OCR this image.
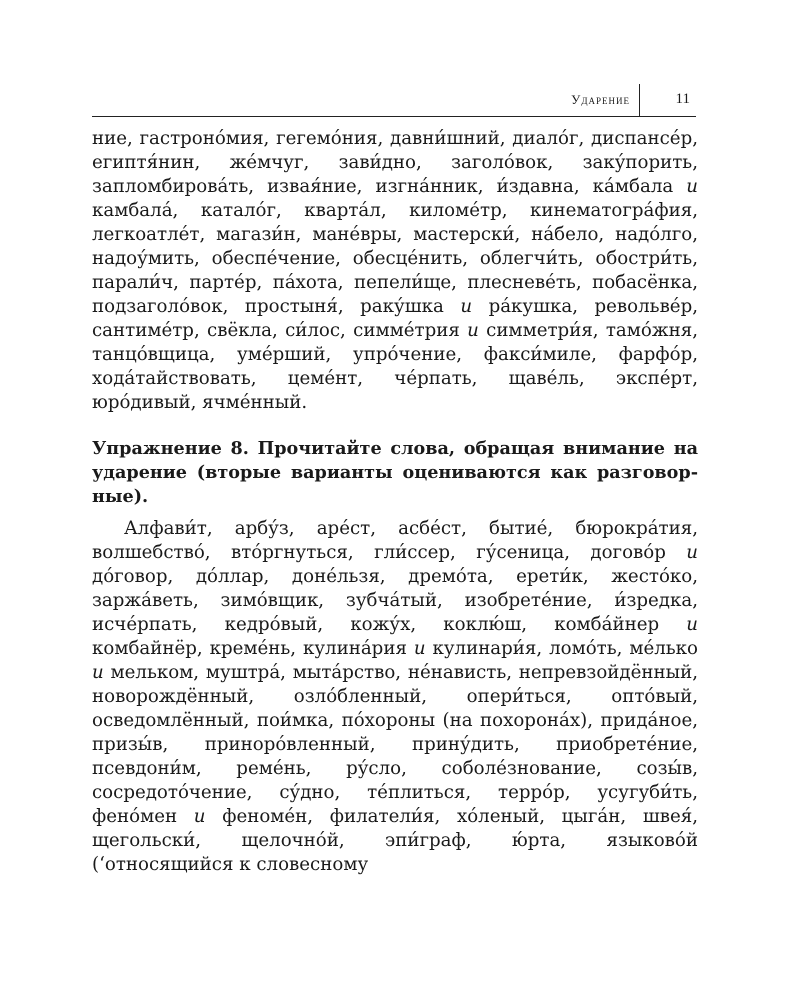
Ударение	11

ние, гастроно́мия, гегемо́ния, давни́шний, диало́г, диспансе́р, египтя́нин, же́мчуг, зави́дно, заголо́вок, заку́порить, запломбирова́ть, извая́ние, изгна́нник, и́здавна, ка́мбала и камбала́, катало́г, кварта́л, киломе́тр, кинематогра́фия, легкоатле́т, магази́н, мане́вры, мастерски́, на́бело, надо́лго, надоу́мить, обеспе́чение, обесце́нить, облегчи́ть, обостри́ть, парали́ч, парте́р, па́хота, пепели́ще, плесневе́ть, побасёнка, подзаголо́вок, простыня́, раку́шка и ра́кушка, револьве́р, сантиме́тр, свёкла, си́лос, симме́трия и симметри́я, тамо́жня, танцо́вщица, уме́рший, упро́чение, факси́миле, фарфо́р, хода́тайствовать, цеме́нт, че́рпать, щаве́ль, экспе́рт, юро́дивый, ячме́нный.

Упражнение 8. Прочитайте слова, обращая внимание на ударение (вторые варианты оцениваются как разговорные).

Алфави́т, арбу́з, аре́ст, асбе́ст, бытие́, бюрокра́тия, волшебство́, вто́ргнуться, гли́ссер, гу́сеница, догово́р и до́говор, до́ллар, доне́льзя, дремо́та, ерети́к, жесто́ко, заржа́веть, зимо́вщик, зубча́тый, изобрете́ние, и́зредка, исче́рпать, кедро́вый, кожу́х, коклю́ш, комба́йнер и комбайнёр, креме́нь, кулина́рия и кулинари́я, ломо́ть, ме́лько и мельком, муштра́, мыта́рство, не́нависть, непревзойдённый, новорождённый, озло́бленный, опери́ться, опто́вый, осведомлённый, пои́мка, по́хороны (на похорона́х), прида́ное, призы́в, приноро́вленный, прину́дить, приобрете́ние, псевдони́м, реме́нь, ру́сло, соболе́знование, созы́в, сосредото́чение, су́дно, те́плиться, терро́р, усугуби́ть, фено́мен и феноме́н, филатели́я, хо́леный, цыга́н, швея́, щегольски́, щелочно́й, эпи́граф, ю́рта, языково́й (‘относящийся к словесному
